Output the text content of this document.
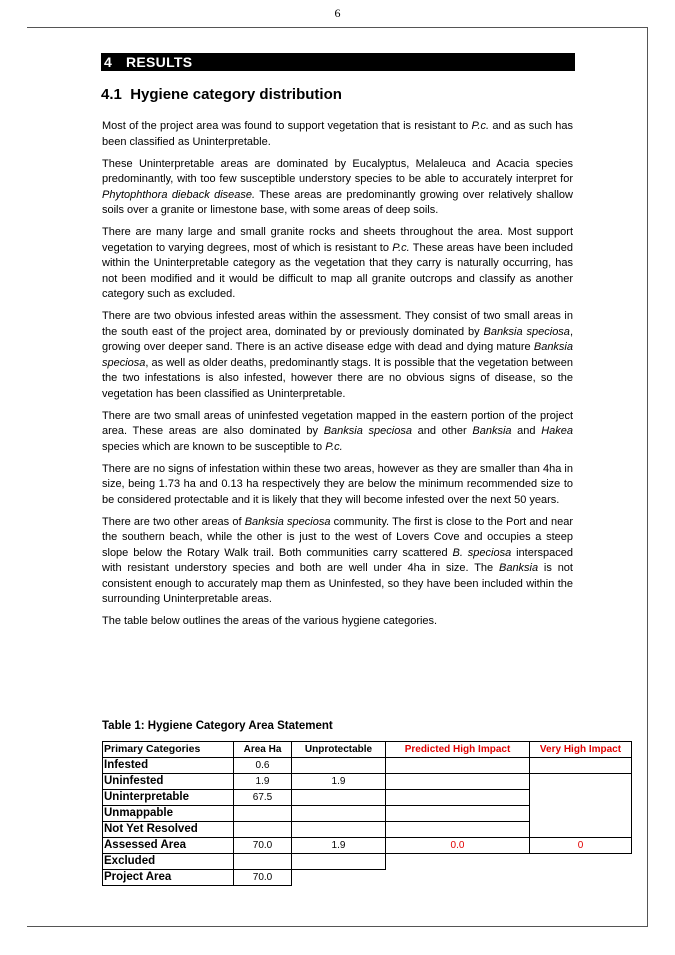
6
4 RESULTS
4.1 Hygiene category distribution

Most of the project area was found to support vegetation that is resistant to P.c. and as such has been classified as Uninterpretable.

These Uninterpretable areas are dominated by Eucalyptus, Melaleuca and Acacia species predominantly, with too few susceptible understory species to be able to accurately interpret for Phytophthora dieback disease. These areas are predominantly growing over relatively shallow soils over a granite or limestone base, with some areas of deep soils.

There are many large and small granite rocks and sheets throughout the area. Most support vegetation to varying degrees, most of which is resistant to P.c. These areas have been included within the Uninterpretable category as the vegetation that they carry is naturally occurring, has not been modified and it would be difficult to map all granite outcrops and classify as another category such as excluded.

There are two obvious infested areas within the assessment. They consist of two small areas in the south east of the project area, dominated by or previously dominated by Banksia speciosa, growing over deeper sand. There is an active disease edge with dead and dying mature Banksia speciosa, as well as older deaths, predominantly stags. It is possible that the vegetation between the two infestations is also infested, however there are no obvious signs of disease, so the vegetation has been classified as Uninterpretable.

There are two small areas of uninfested vegetation mapped in the eastern portion of the project area. These areas are also dominated by Banksia speciosa and other Banksia and Hakea species which are known to be susceptible to P.c.

There are no signs of infestation within these two areas, however as they are smaller than 4ha in size, being 1.73 ha and 0.13 ha respectively they are below the minimum recommended size to be considered protectable and it is likely that they will become infested over the next 50 years.

There are two other areas of Banksia speciosa community. The first is close to the Port and near the southern beach, while the other is just to the west of Lovers Cove and occupies a steep slope below the Rotary Walk trail. Both communities carry scattered B. speciosa interspaced with resistant understory species and both are well under 4ha in size. The Banksia is not consistent enough to accurately map them as Uninfested, so they have been included within the surrounding Uninterpretable areas.

The table below outlines the areas of the various hygiene categories.

Table 1: Hygiene Category Area Statement
Primary Categories	Area Ha	Unprotectable	Predicted High Impact	Very High Impact
Infested	0.6			
Uninfested	1.9	1.9		
Uninterpretable	67.5			
Unmappable				
Not Yet Resolved				
Assessed Area	70.0	1.9	0.0	0
Excluded				
Project Area	70.0			
